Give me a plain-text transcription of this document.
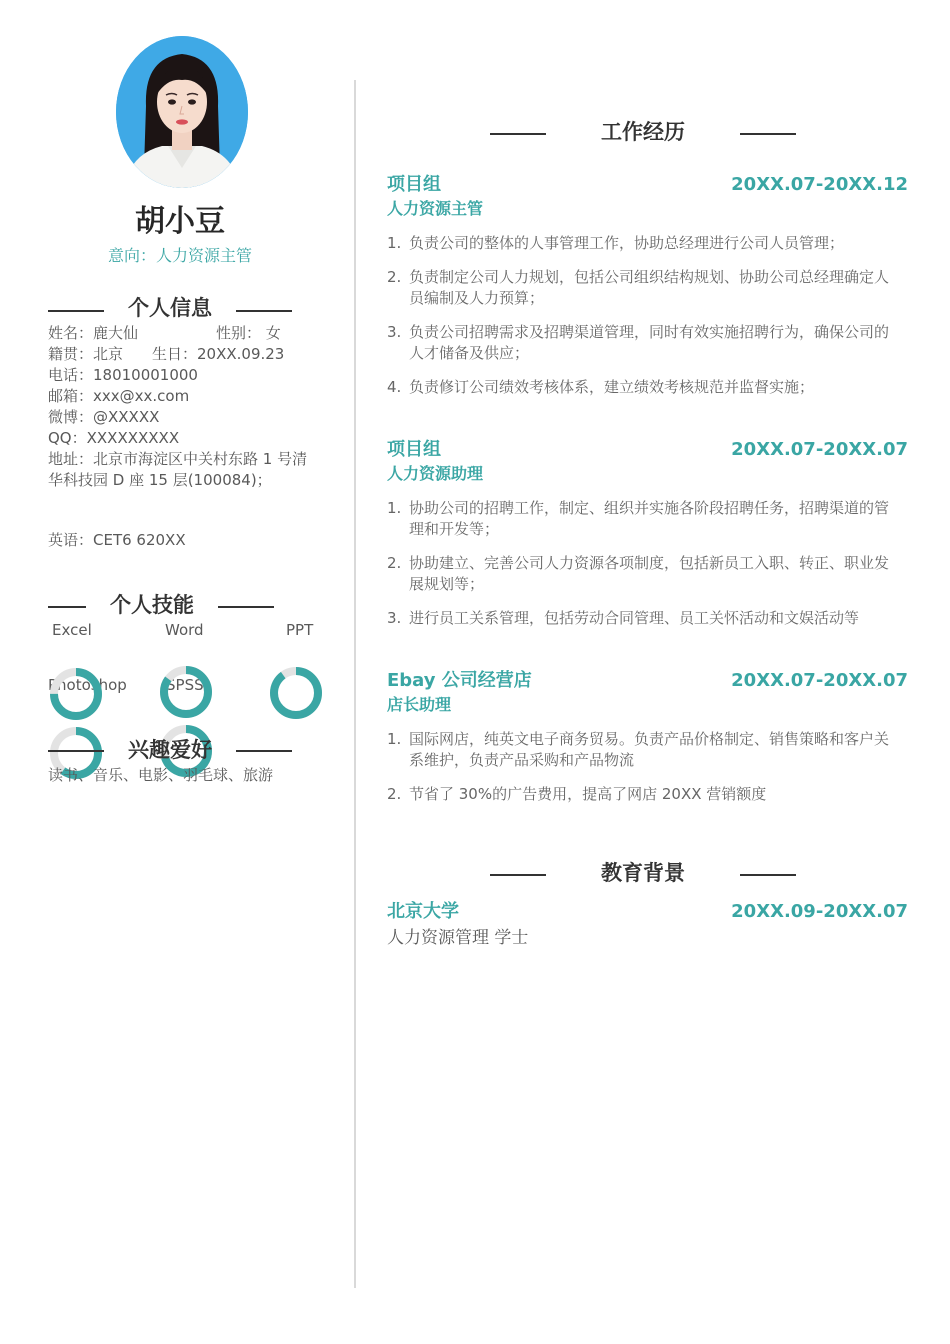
胡小豆
意向：人力资源主管
个人信息
姓名：鹿大仙	性别： 女
籍贯：北京 生日：20XX.09.23
电话：18010001000
邮箱：xxx@xx.com
微博：@XXXXX
QQ：XXXXXXXXX
地址：北京市海淀区中关村东路 1 号清
华科技园 D 座 15 层(100084)；
英语：CET6 620XX
个人技能
Excel	Word	PPT
Photoshop	SPSS
兴趣爱好
读书、音乐、电影、羽毛球、旅游
工作经历
项目组	20XX.07-20XX.12
人力资源主管
1. 负责公司的整体的人事管理工作，协助总经理进行公司人员管理；
2. 负责制定公司人力规划，包括公司组织结构规划、协助公司总经理确定人员编制及人力预算；
3. 负责公司招聘需求及招聘渠道管理，同时有效实施招聘行为，确保公司的人才储备及供应；
4. 负责修订公司绩效考核体系，建立绩效考核规范并监督实施；
项目组	20XX.07-20XX.07
人力资源助理
1. 协助公司的招聘工作，制定、组织并实施各阶段招聘任务，招聘渠道的管理和开发等；
2. 协助建立、完善公司人力资源各项制度，包括新员工入职、转正、职业发展规划等；
3. 进行员工关系管理，包括劳动合同管理、员工关怀活动和文娱活动等
Ebay 公司经营店	20XX.07-20XX.07
店长助理
1. 国际网店，纯英文电子商务贸易。负责产品价格制定、销售策略和客户关系维护，负责产品采购和产品物流
2. 节省了 30%的广告费用，提高了网店 20XX 营销额度
教育背景
北京大学	20XX.09-20XX.07
人力资源管理 学士
